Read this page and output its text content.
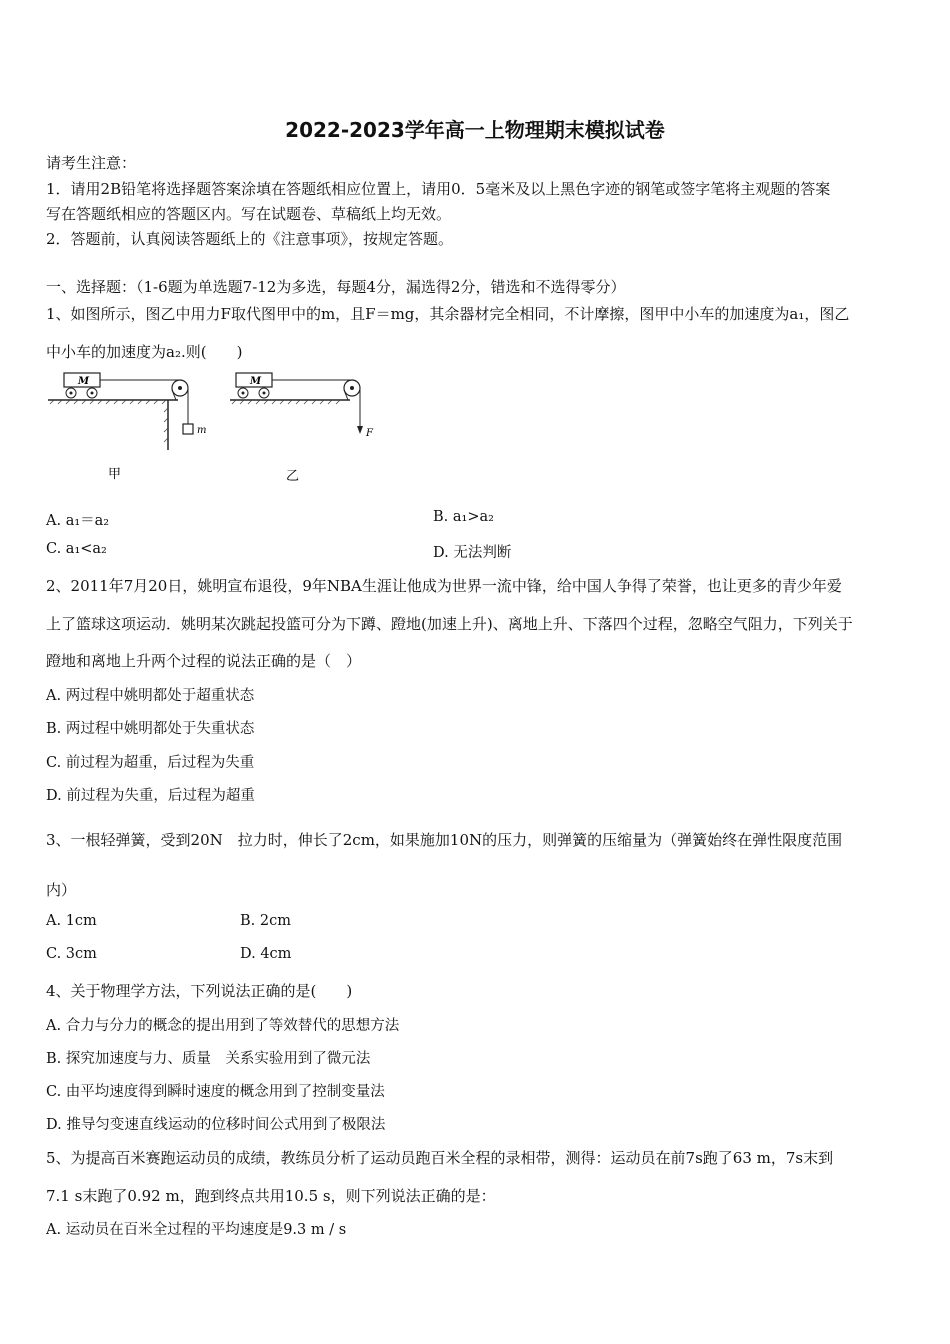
2022-2023学年高一上物理期末模拟试卷
请考生注意：
1．请用2B铅笔将选择题答案涂填在答题纸相应位置上，请用0．5毫米及以上黑色字迹的钢笔或签字笔将主观题的答案
写在答题纸相应的答题区内。写在试题卷、草稿纸上均无效。
2．答题前，认真阅读答题纸上的《注意事项》，按规定答题。
一、选择题：（1-6题为单选题7-12为多选，每题4分，漏选得2分，错选和不选得零分）
1、如图所示，图乙中用力F取代图甲中的m，且F＝mg，其余器材完全相同，不计摩擦，图甲中小车的加速度为a₁，图乙
中小车的加速度为a₂.则(　　)
M
m
甲
M
F
乙
A. a₁＝a₂	B. a₁>a₂
C. a₁<a₂	D. 无法判断
2、2011年7月20日，姚明宣布退役，9年NBA生涯让他成为世界一流中锋，给中国人争得了荣誉，也让更多的青少年爱
上了篮球这项运动．姚明某次跳起投篮可分为下蹲、蹬地(加速上升)、离地上升、下落四个过程，忽略空气阻力，下列关于
蹬地和离地上升两个过程的说法正确的是（　）
A. 两过程中姚明都处于超重状态
B. 两过程中姚明都处于失重状态
C. 前过程为超重，后过程为失重
D. 前过程为失重，后过程为超重
3、一根轻弹簧，受到20N　拉力时，伸长了2cm，如果施加10N的压力，则弹簧的压缩量为（弹簧始终在弹性限度范围
内）
A. 1cm	B. 2cm
C. 3cm	D. 4cm
4、关于物理学方法，下列说法正确的是(　　)
A. 合力与分力的概念的提出用到了等效替代的思想方法
B. 探究加速度与力、质量　关系实验用到了微元法
C. 由平均速度得到瞬时速度的概念用到了控制变量法
D. 推导匀变速直线运动的位移时间公式用到了极限法
5、为提高百米赛跑运动员的成绩，教练员分析了运动员跑百米全程的录相带，测得：运动员在前7s跑了63 m，7s末到
7.1 s末跑了0.92 m，跑到终点共用10.5 s，则下列说法正确的是：
A. 运动员在百米全过程的平均速度是9.3 m / s
